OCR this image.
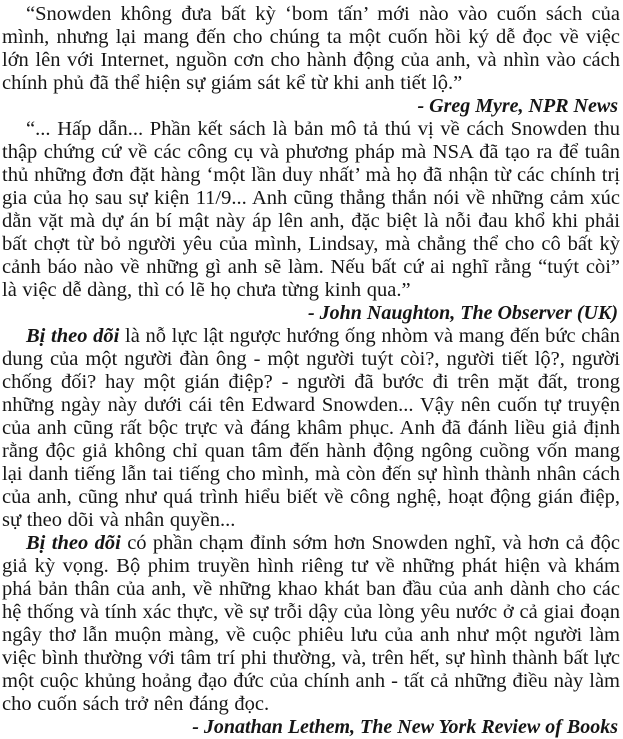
“Snowden không đưa bất kỳ ‘bom tấn’ mới nào vào cuốn sách của mình, nhưng lại mang đến cho chúng ta một cuốn hồi ký dễ đọc về việc lớn lên với Internet, nguồn cơn cho hành động của anh, và nhìn vào cách chính phủ đã thể hiện sự giám sát kể từ khi anh tiết lộ.”

- Greg Myre, NPR News

“... Hấp dẫn... Phần kết sách là bản mô tả thú vị về cách Snowden thu thập chứng cứ về các công cụ và phương pháp mà NSA đã tạo ra để tuân thủ những đơn đặt hàng ‘một lần duy nhất’ mà họ đã nhận từ các chính trị gia của họ sau sự kiện 11/9... Anh cũng thẳng thắn nói về những cảm xúc dằn vặt mà dự án bí mật này áp lên anh, đặc biệt là nỗi đau khổ khi phải bất chợt từ bỏ người yêu của mình, Lindsay, mà chẳng thể cho cô bất kỳ cảnh báo nào về những gì anh sẽ làm. Nếu bất cứ ai nghĩ rằng “tuýt còi” là việc dễ dàng, thì có lẽ họ chưa từng kinh qua.”

- John Naughton, The Observer (UK)

Bị theo dõi là nỗ lực lật ngược hướng ống nhòm và mang đến bức chân dung của một người đàn ông - một người tuýt còi?, người tiết lộ?, người chống đối? hay một gián điệp? - người đã bước đi trên mặt đất, trong những ngày này dưới cái tên Edward Snowden... Vậy nên cuốn tự truyện của anh cũng rất bộc trực và đáng khâm phục. Anh đã đánh liều giả định rằng độc giả không chỉ quan tâm đến hành động ngông cuồng vốn mang lại danh tiếng lẫn tai tiếng cho mình, mà còn đến sự hình thành nhân cách của anh, cũng như quá trình hiểu biết về công nghệ, hoạt động gián điệp, sự theo dõi và nhân quyền...

Bị theo dõi có phần chạm đỉnh sớm hơn Snowden nghĩ, và hơn cả độc giả kỳ vọng. Bộ phim truyền hình riêng tư về những phát hiện và khám phá bản thân của anh, về những khao khát ban đầu của anh dành cho các hệ thống và tính xác thực, về sự trỗi dậy của lòng yêu nước ở cả giai đoạn ngây thơ lẫn muộn màng, về cuộc phiêu lưu của anh như một người làm việc bình thường với tâm trí phi thường, và, trên hết, sự hình thành bất lực một cuộc khủng hoảng đạo đức của chính anh - tất cả những điều này làm cho cuốn sách trở nên đáng đọc.

- Jonathan Lethem, The New York Review of Books
